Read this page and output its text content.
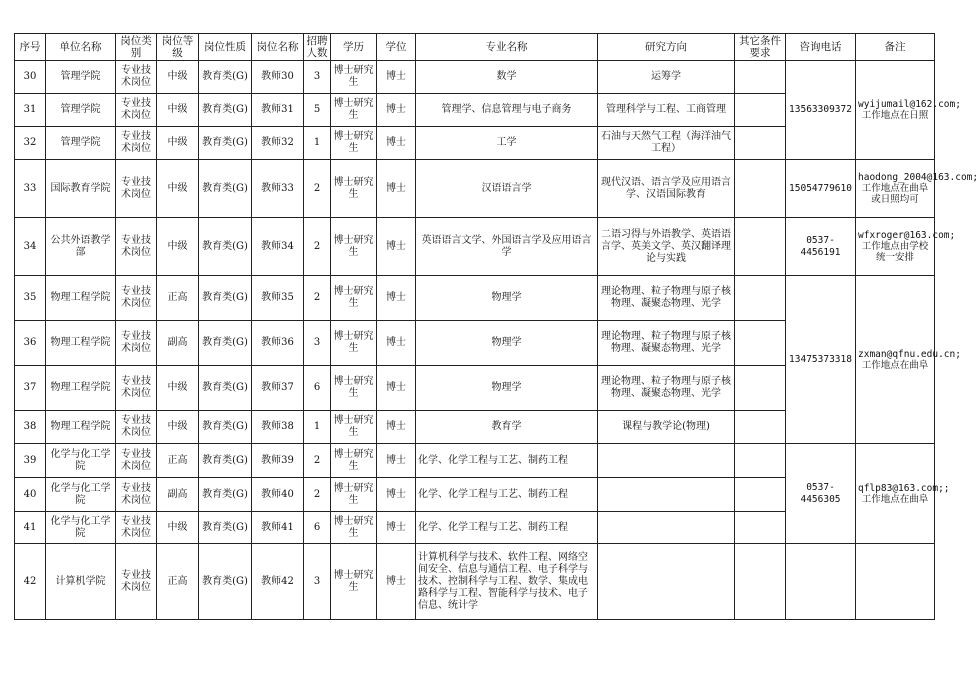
序号	单位名称	岗位类别	岗位等级	岗位性质	岗位名称	招聘人数	学历	学位	专业名称	研究方向	其它条件要求	咨询电话	备注
30	管理学院	专业技术岗位	中级	教育类(G)	教师30	3	博士研究生	博士	数学	运筹学		13563309372	wyijumail@162.com; 工作地点在日照
31	管理学院	专业技术岗位	中级	教育类(G)	教师31	5	博士研究生	博士	管理学、信息管理与电子商务	管理科学与工程、工商管理			
32	管理学院	专业技术岗位	中级	教育类(G)	教师32	1	博士研究生	博士	工学	石油与天然气工程（海洋油气工程）			
33	国际教育学院	专业技术岗位	中级	教育类(G)	教师33	2	博士研究生	博士	汉语语言学	现代汉语、语言学及应用语言学、汉语国际教育		15054779610	haodong_2004@163.com; 工作地点在曲阜或日照均可
34	公共外语教学部	专业技术岗位	中级	教育类(G)	教师34	2	博士研究生	博士	英语语言文学、外国语言学及应用语言学	二语习得与外语教学、英语语言学、英美文学、英汉翻译理论与实践		0537-4456191	wfxroger@163.com;工作地点由学校统一安排
35	物理工程学院	专业技术岗位	正高	教育类(G)	教师35	2	博士研究生	博士	物理学	理论物理、粒子物理与原子核物理、凝聚态物理、光学		13475373318	zxman@qfnu.edu.cn;工作地点在曲阜
36	物理工程学院	专业技术岗位	副高	教育类(G)	教师36	3	博士研究生	博士	物理学	理论物理、粒子物理与原子核物理、凝聚态物理、光学			
37	物理工程学院	专业技术岗位	中级	教育类(G)	教师37	6	博士研究生	博士	物理学	理论物理、粒子物理与原子核物理、凝聚态物理、光学			
38	物理工程学院	专业技术岗位	中级	教育类(G)	教师38	1	博士研究生	博士	教育学	课程与教学论(物理)			
39	化学与化工学院	专业技术岗位	正高	教育类(G)	教师39	2	博士研究生	博士	化学、化学工程与工艺、制药工程			0537-4456305	qflp83@163.com;; 工作地点在曲阜
40	化学与化工学院	专业技术岗位	副高	教育类(G)	教师40	2	博士研究生	博士	化学、化学工程与工艺、制药工程				
41	化学与化工学院	专业技术岗位	中级	教育类(G)	教师41	6	博士研究生	博士	化学、化学工程与工艺、制药工程				
42	计算机学院	专业技术岗位	正高	教育类(G)	教师42	3	博士研究生	博士	计算机科学与技术、软件工程、网络空间安全、信息与通信工程、电子科学与技术、控制科学与工程、数学、集成电路科学与工程、智能科学与技术、电子信息、统计学				
